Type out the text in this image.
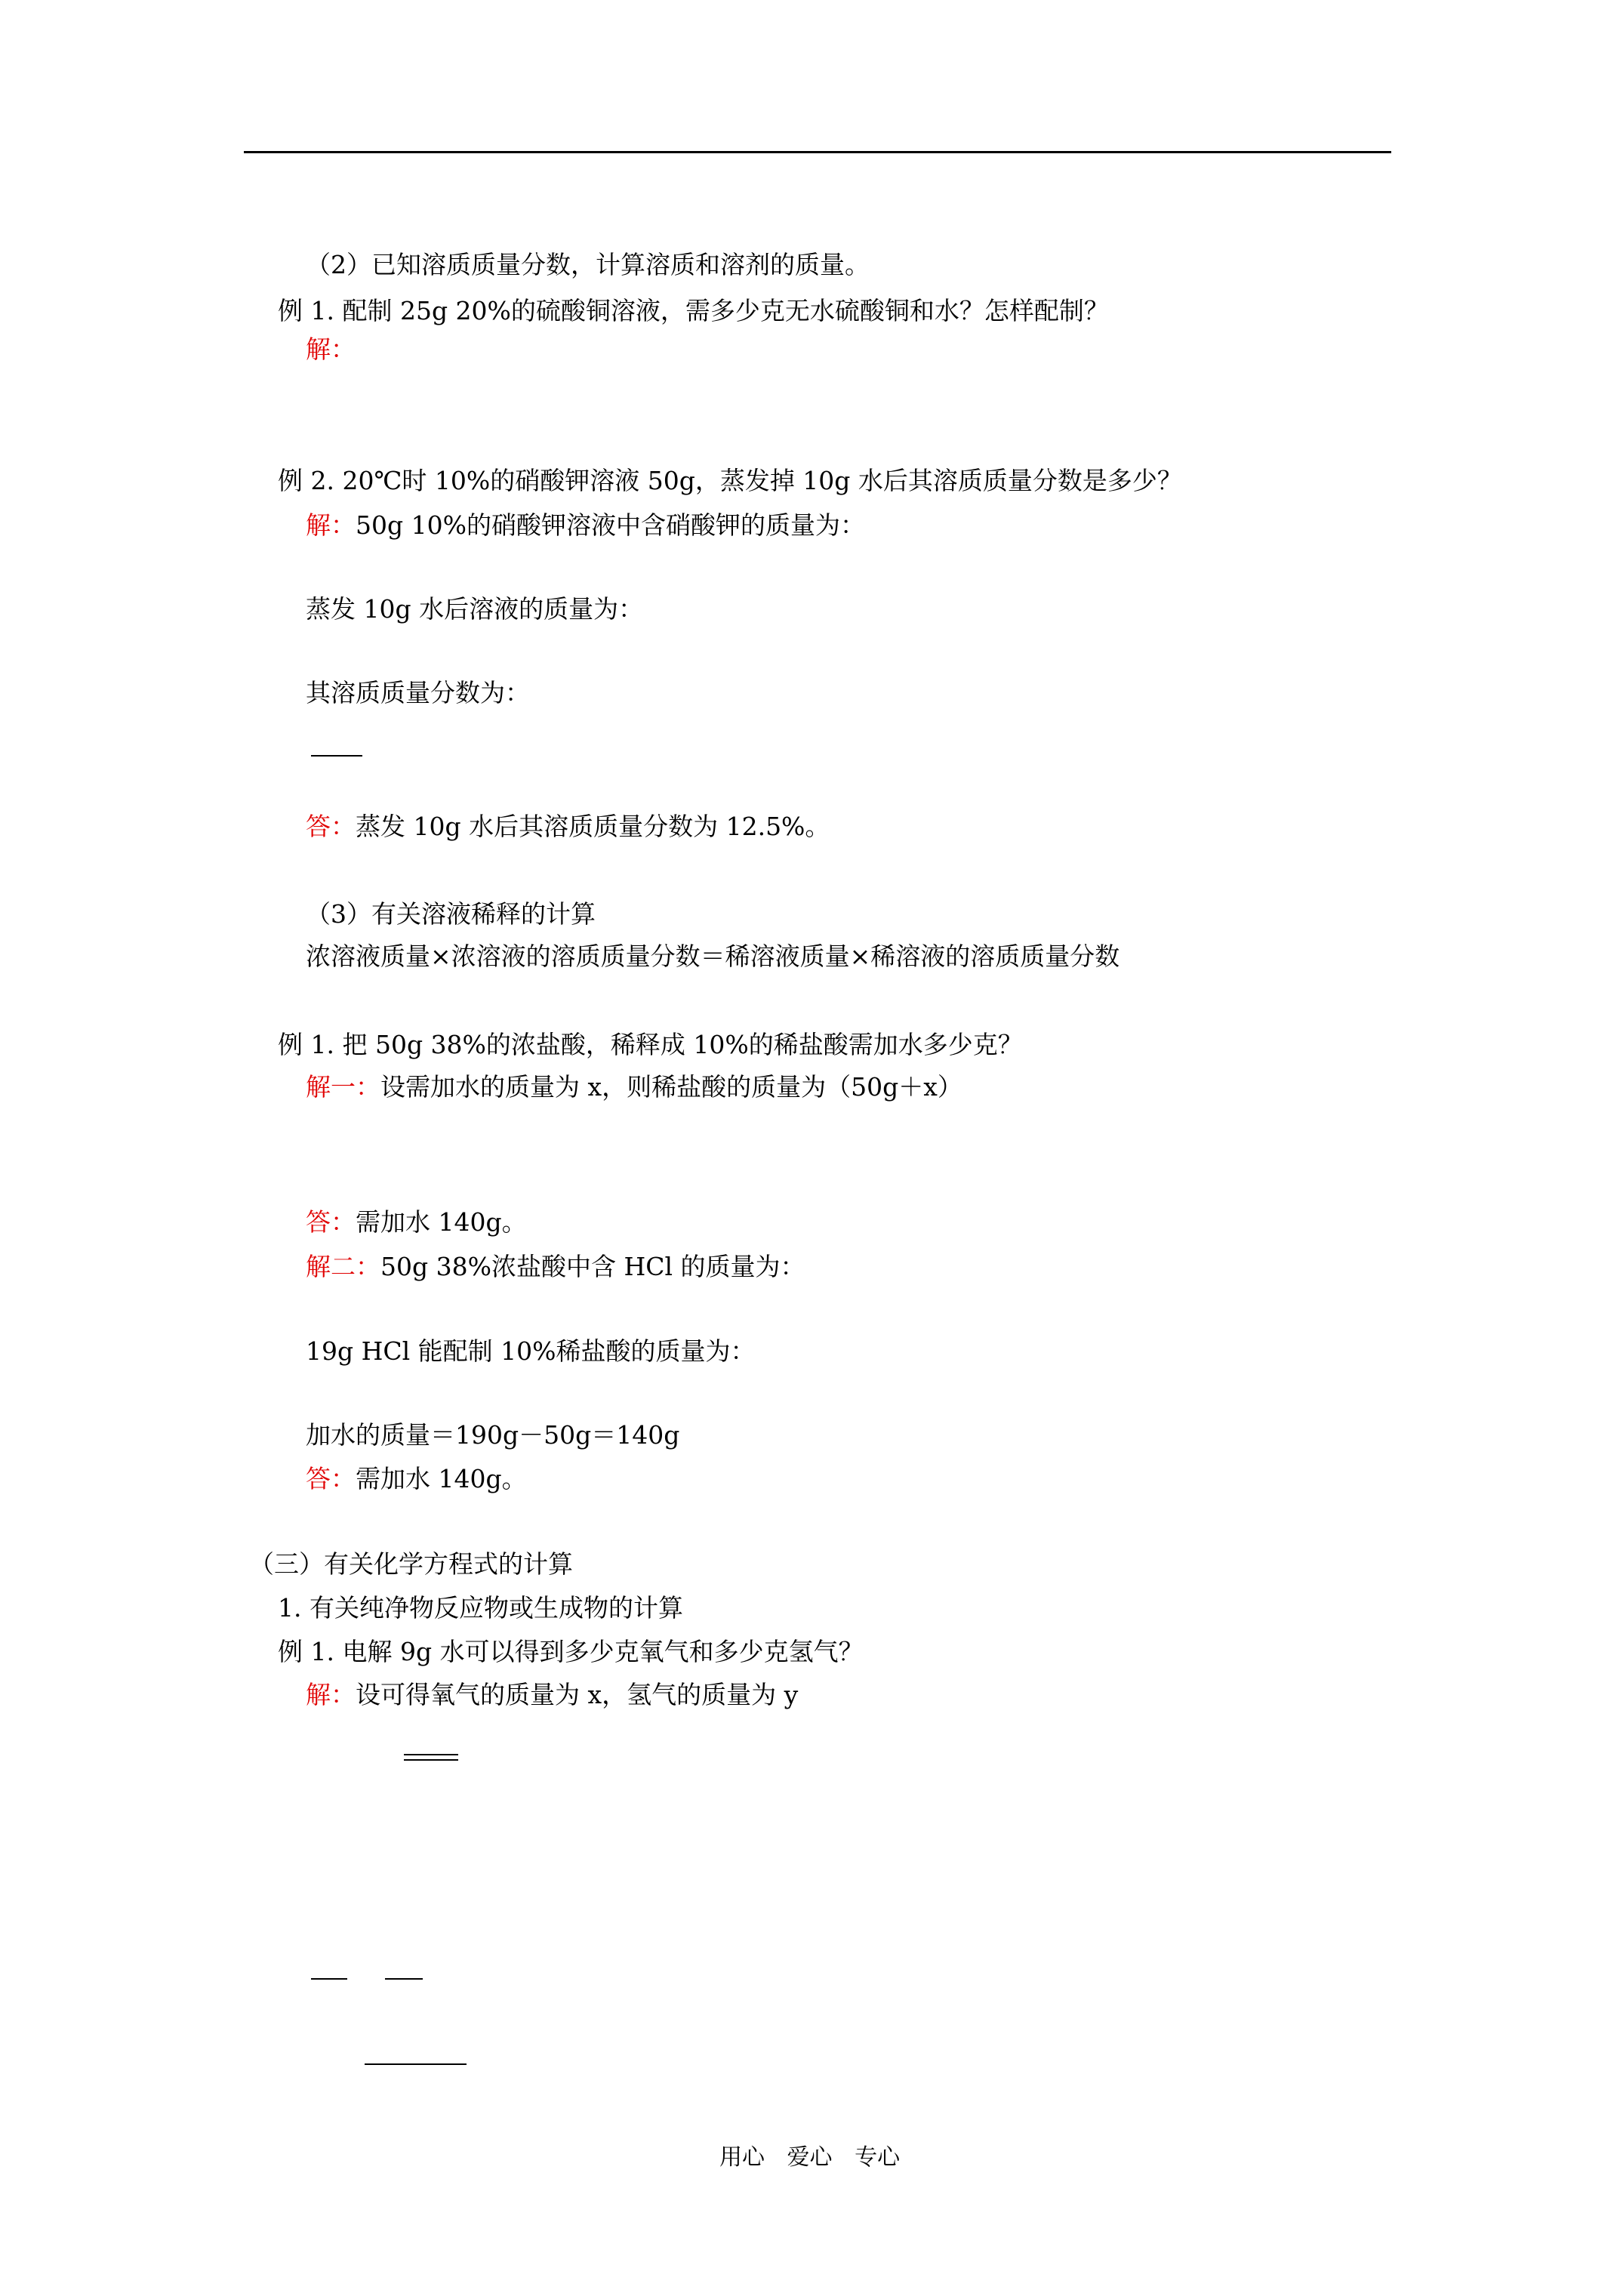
（2）已知溶质质量分数，计算溶质和溶剂的质量。
例 1. 配制 25g 20%的硫酸铜溶液，需多少克无水硫酸铜和水？怎样配制？
解：
例 2. 20℃时 10%的硝酸钾溶液 50g，蒸发掉 10g 水后其溶质质量分数是多少？
解：50g 10%的硝酸钾溶液中含硝酸钾的质量为：
蒸发 10g 水后溶液的质量为：
其溶质质量分数为：
答：蒸发 10g 水后其溶质质量分数为 12.5%。
（3）有关溶液稀释的计算
浓溶液质量×浓溶液的溶质质量分数＝稀溶液质量×稀溶液的溶质质量分数
例 1. 把 50g 38%的浓盐酸，稀释成 10%的稀盐酸需加水多少克？
解一：设需加水的质量为 x，则稀盐酸的质量为（50g＋x）
答：需加水 140g。
解二：50g 38%浓盐酸中含 HCl 的质量为：
19g HCl 能配制 10%稀盐酸的质量为：
加水的质量＝190g－50g＝140g
答：需加水 140g。
（三）有关化学方程式的计算
1. 有关纯净物反应物或生成物的计算
例 1. 电解 9g 水可以得到多少克氧气和多少克氢气？
解：设可得氧气的质量为 x，氢气的质量为 y
用心 爱心 专心
